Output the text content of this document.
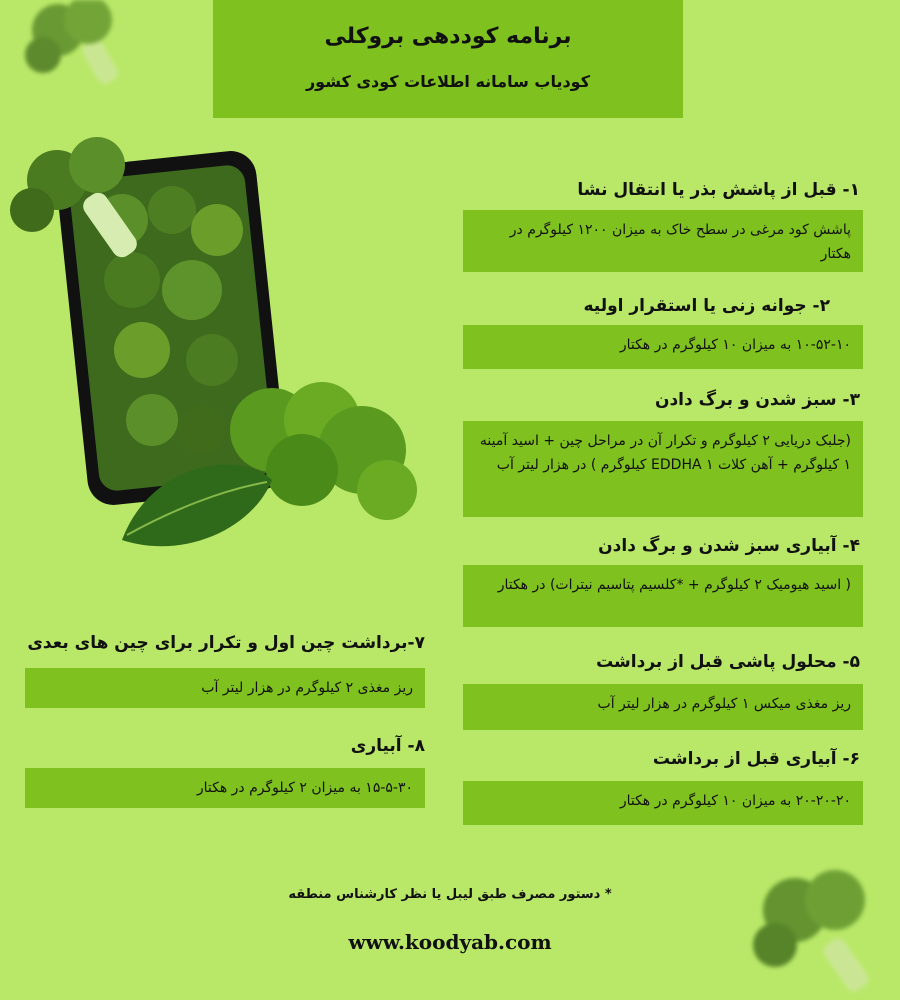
برنامه کوددهی بروکلی
کودیاب سامانه اطلاعات کودی کشور
۱- قبل از پاشش بذر یا انتقال نشا
پاشش کود مرغی در سطح خاک به میزان ۱۲۰۰ کیلوگرم در هکتار
۲- جوانه زنی یا استقرار اولیه
۱۰-۵۲-۱۰ به میزان ۱۰ کیلوگرم در هکتار
۳- سبز شدن و برگ دادن
(جلبک دریایی ۲ کیلوگرم و تکرار آن در مراحل چین + اسید آمینه ۱ کیلوگرم + آهن کلات EDDHA ۱ کیلوگرم ) در هزار لیتر آب
۴- آبیاری سبز شدن و برگ دادن
( اسید هیومیک ۲ کیلوگرم + *کلسیم پتاسیم نیترات) در هکتار
۵- محلول پاشی قبل از برداشت
ریز مغذی میکس ۱ کیلوگرم در هزار لیتر آب
۶- آبیاری قبل از برداشت
۲۰-۲۰-۲۰ به میزان ۱۰ کیلوگرم در هکتار
۷-برداشت چین اول و تکرار برای چین های بعدی
ریز مغذی ۲ کیلوگرم در هزار لیتر آب
۸- آبیاری
۱۵-۵-۳۰ به میزان ۲ کیلوگرم در هکتار
* دستور مصرف طبق لیبل یا نظر کارشناس منطقه
www.koodyab.com
